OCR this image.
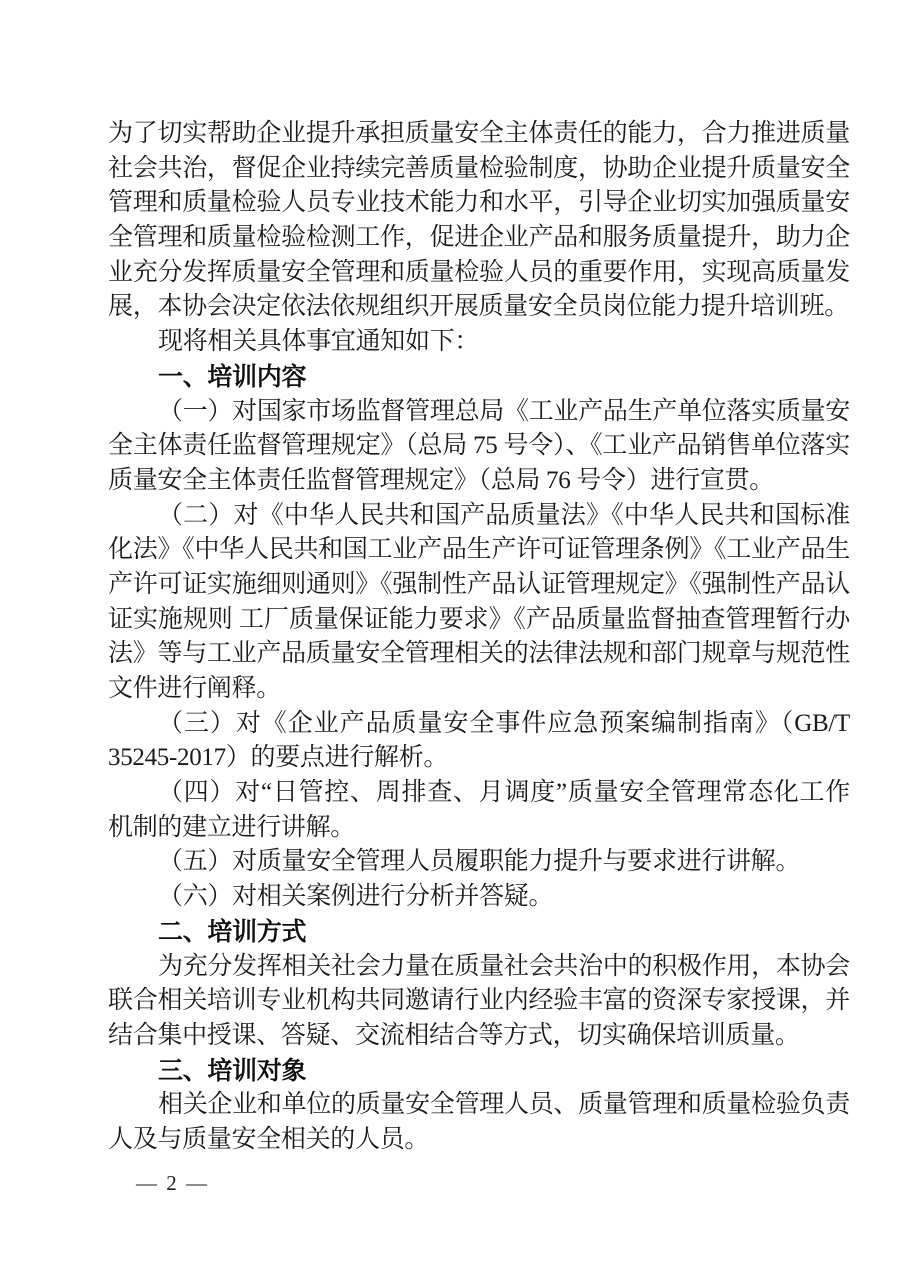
为了切实帮助企业提升承担质量安全主体责任的能力，合力推进质量
社会共治，督促企业持续完善质量检验制度，协助企业提升质量安全
管理和质量检验人员专业技术能力和水平，引导企业切实加强质量安
全管理和质量检验检测工作，促进企业产品和服务质量提升，助力企
业充分发挥质量安全管理和质量检验人员的重要作用，实现高质量发
展，本协会决定依法依规组织开展质量安全员岗位能力提升培训班。
现将相关具体事宜通知如下：
一、培训内容
（一）对国家市场监督管理总局《工业产品生产单位落实质量安
全主体责任监督管理规定》（总局 75 号令）、《工业产品销售单位落实
质量安全主体责任监督管理规定》（总局 76 号令）进行宣贯。
（二）对《中华人民共和国产品质量法》《中华人民共和国标准
化法》《中华人民共和国工业产品生产许可证管理条例》《工业产品生
产许可证实施细则通则》《强制性产品认证管理规定》《强制性产品认
证实施规则 工厂质量保证能力要求》《产品质量监督抽查管理暂行办
法》等与工业产品质量安全管理相关的法律法规和部门规章与规范性
文件进行阐释。
（三）对《企业产品质量安全事件应急预案编制指南》（GB/T
35245-2017）的要点进行解析。
（四）对“日管控、周排查、月调度”质量安全管理常态化工作
机制的建立进行讲解。
（五）对质量安全管理人员履职能力提升与要求进行讲解。
（六）对相关案例进行分析并答疑。
二、培训方式
为充分发挥相关社会力量在质量社会共治中的积极作用，本协会
联合相关培训专业机构共同邀请行业内经验丰富的资深专家授课，并
结合集中授课、答疑、交流相结合等方式，切实确保培训质量。
三、培训对象
相关企业和单位的质量安全管理人员、质量管理和质量检验负责
人及与质量安全相关的人员。
— 2 —
